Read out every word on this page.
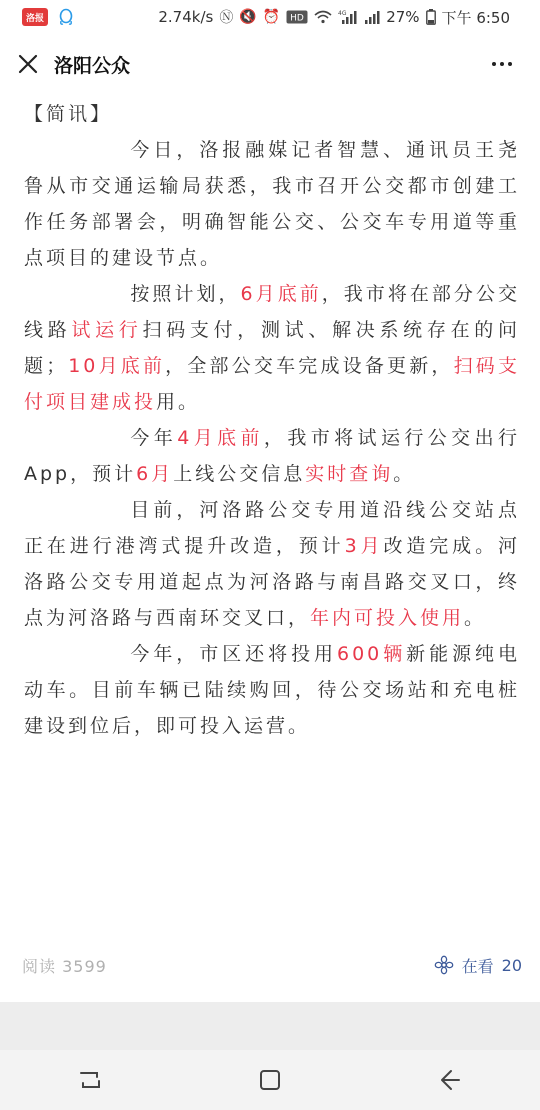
洛报	2.74k/s Ⓝ 🔇 ⏰ HD	4G	27% 下午 6:50
洛阳公众

【简讯】

今日，洛报融媒记者智慧、通讯员王尧鲁从市交通运输局获悉，我市召开公交都市创建工作任务部署会，明确智能公交、公交车专用道等重点项目的建设节点。

按照计划，6月底前，我市将在部分公交线路试运行扫码支付，测试、解决系统存在的问题；10月底前，全部公交车完成设备更新，扫码支付项目建成投用。

今年4月底前，我市将试运行公交出行App，预计6月上线公交信息实时查询。

目前，河洛路公交专用道沿线公交站点正在进行港湾式提升改造，预计3月改造完成。河洛路公交专用道起点为河洛路与南昌路交叉口，终点为河洛路与西南环交叉口，年内可投入使用。

今年，市区还将投用600辆新能源纯电动车。目前车辆已陆续购回，待公交场站和充电桩建设到位后，即可投入运营。

阅读 3599	在看 20
